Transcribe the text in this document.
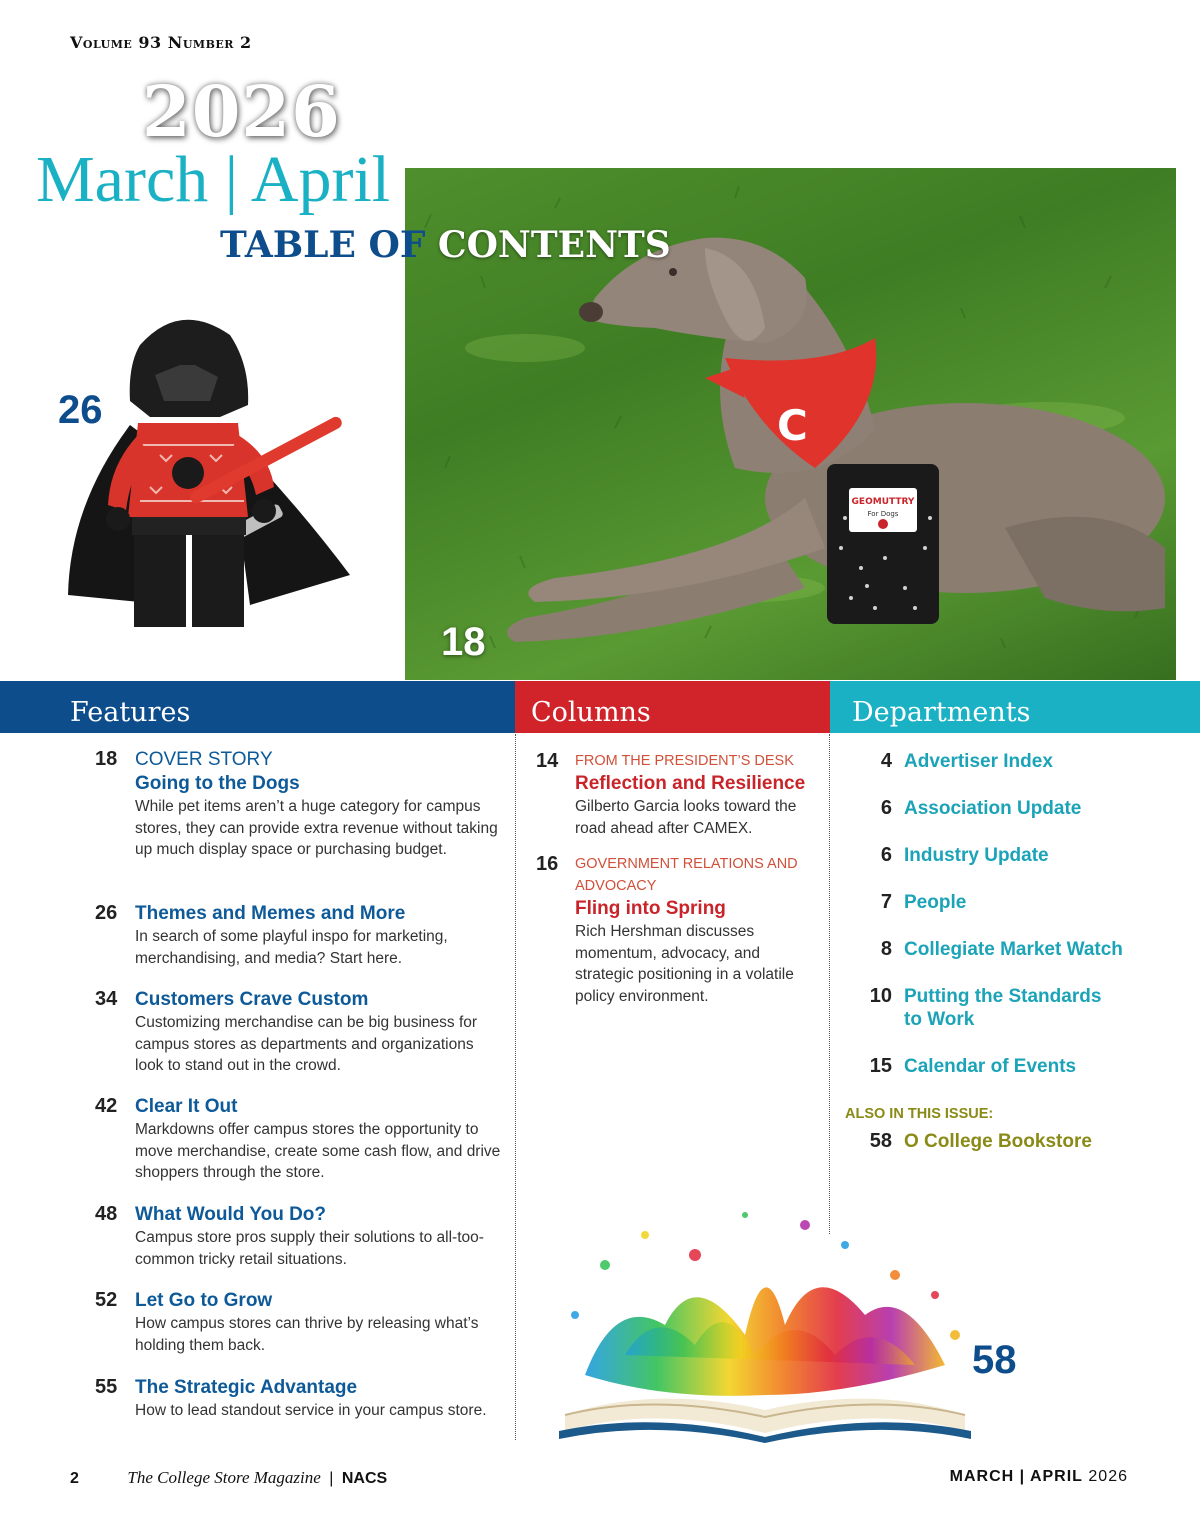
Volume 93 Number 2
2026
March | April
C
GEOMUTTRY
For Dogs
18
TABLE OF CONTENTS
26
Features	Columns	Departments
18 COVER STORY
Going to the Dogs
While pet items aren’t a huge category for campus stores, they can provide extra revenue without taking up much display space or purchasing budget.
26 Themes and Memes and More
In search of some playful inspo for marketing, merchandising, and media? Start here.
34 Customers Crave Custom
Customizing merchandise can be big business for campus stores as departments and organizations look to stand out in the crowd.
42 Clear It Out
Markdowns offer campus stores the opportunity to move merchandise, create some cash flow, and drive shoppers through the store.
48 What Would You Do?
Campus store pros supply their solutions to all-too-common tricky retail situations.
52 Let Go to Grow
How campus stores can thrive by releasing what’s holding them back.
55 The Strategic Advantage
How to lead standout service in your campus store.
14 FROM THE PRESIDENT’S DESK
Reflection and Resilience
Gilberto Garcia looks toward the road ahead after CAMEX.
16 GOVERNMENT RELATIONS AND ADVOCACY
Fling into Spring
Rich Hershman discusses momentum, advocacy, and strategic positioning in a volatile policy environment.
4 Advertiser Index
6 Association Update
6 Industry Update
7 People
8 Collegiate Market Watch
10 Putting the Standards to Work
15 Calendar of Events
ALSO IN THIS ISSUE:
58 O College Bookstore
58
2	The College Store Magazine | NACS	MARCH | APRIL 2026
